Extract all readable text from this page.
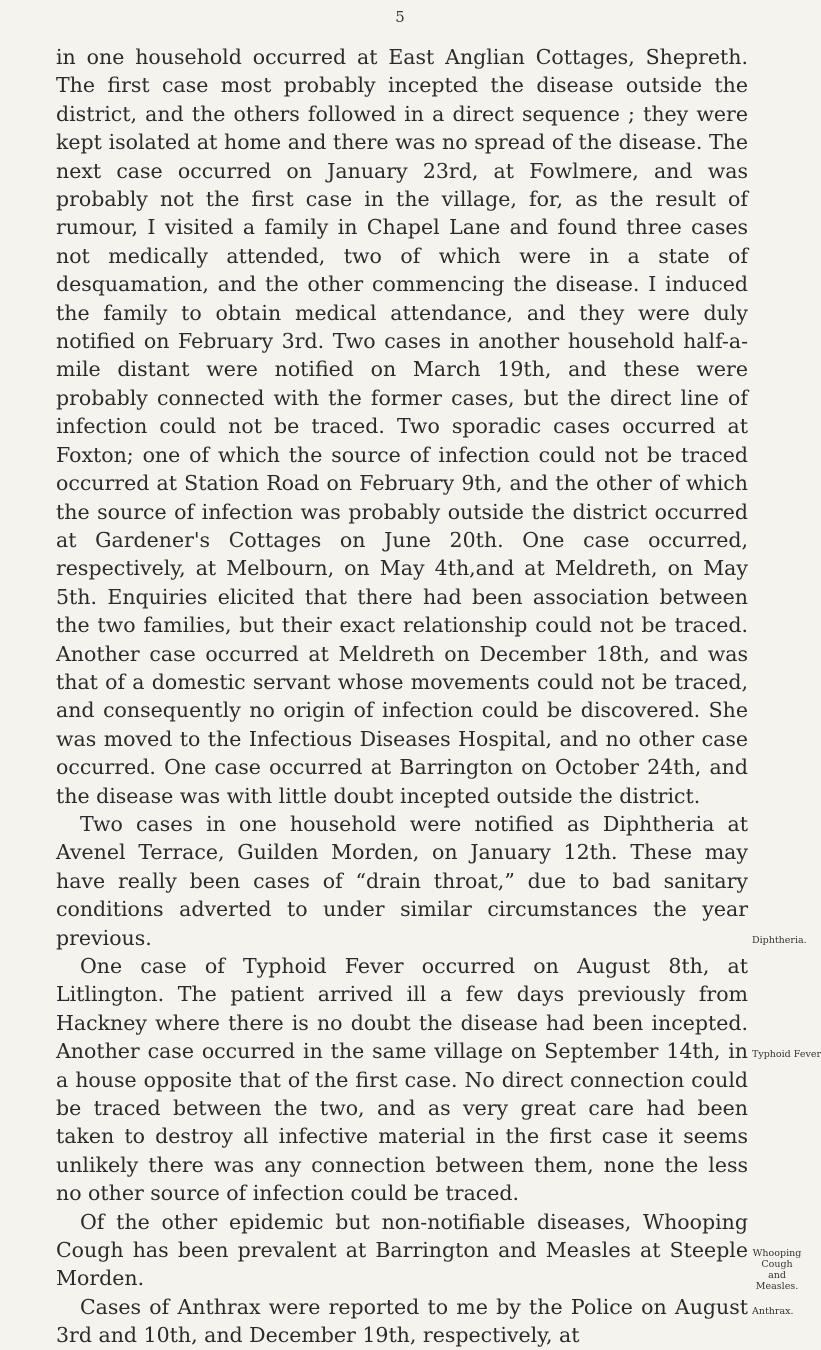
5

in one household occurred at East Anglian Cottages, Shepreth. The first case most probably incepted the disease outside the district, and the others followed in a direct sequence ; they were kept isolated at home and there was no spread of the disease. The next case occurred on January 23rd, at Fowlmere, and was probably not the first case in the village, for, as the result of rumour, I visited a family in Chapel Lane and found three cases not medically attended, two of which were in a state of desquamation, and the other commencing the disease. I induced the family to obtain medical attendance, and they were duly notified on February 3rd. Two cases in another household half-a-mile distant were notified on March 19th, and these were probably connected with the former cases, but the direct line of infection could not be traced. Two sporadic cases occurred at Foxton; one of which the source of infection could not be traced occurred at Station Road on February 9th, and the other of which the source of infection was probably outside the district occurred at Gardener's Cottages on June 20th. One case occurred, respectively, at Melbourn, on May 4th,and at Meldreth, on May 5th. Enquiries elicited that there had been association between the two families, but their exact relationship could not be traced. Another case occurred at Meldreth on December 18th, and was that of a domestic servant whose movements could not be traced, and consequently no origin of infection could be discovered. She was moved to the Infectious Diseases Hospital, and no other case occurred. One case occurred at Barrington on October 24th, and the disease was with little doubt incepted outside the district.

Two cases in one household were notified as Diphtheria at Avenel Terrace, Guilden Morden, on January 12th. These may have really been cases of “drain throat,” due to bad sanitary conditions adverted to under similar circumstances the year previous.

One case of Typhoid Fever occurred on August 8th, at Litlington. The patient arrived ill a few days previously from Hackney where there is no doubt the disease had been incepted. Another case occurred in the same village on September 14th, in a house opposite that of the first case. No direct connection could be traced between the two, and as very great care had been taken to destroy all infective material in the first case it seems unlikely there was any connection between them, none the less no other source of infection could be traced.

Of the other epidemic but non-notifiable diseases, Whooping Cough has been prevalent at Barrington and Measles at Steeple Morden.

Cases of Anthrax were reported to me by the Police on August 3rd and 10th, and December 19th, respectively, at

Diphtheria.
Typhoid Fever
Whooping
Cough and
Measles.
Anthrax.
